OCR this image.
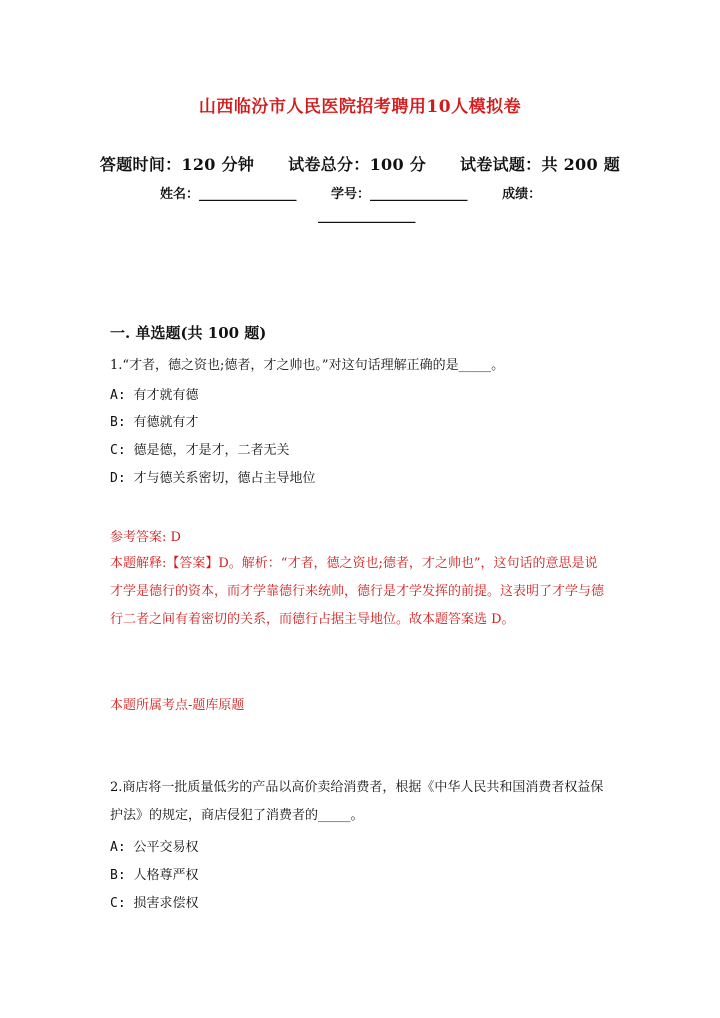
山西临汾市人民医院招考聘用10人模拟卷
答题时间：120 分钟 试卷总分：100 分 试卷试题：共 200 题
姓名：_______________	学号：_______________	成绩：
_______________
一. 单选题(共 100 题)
1.“才者，德之资也;德者，才之帅也。”对这句话理解正确的是_____。
A: 有才就有德
B: 有德就有才
C: 德是德，才是才，二者无关
D: 才与德关系密切，德占主导地位
参考答案: D
本题解释:【答案】D。解析：“才者，德之资也;德者，才之帅也”，这句话的意思是说才学是德行的资本，而才学靠德行来统帅，德行是才学发挥的前提。这表明了才学与德行二者之间有着密切的关系，而德行占据主导地位。故本题答案选 D。
本题所属考点-题库原题
2.商店将一批质量低劣的产品以高价卖给消费者，根据《中华人民共和国消费者权益保护法》的规定，商店侵犯了消费者的_____。
A: 公平交易权
B: 人格尊严权
C: 损害求偿权
